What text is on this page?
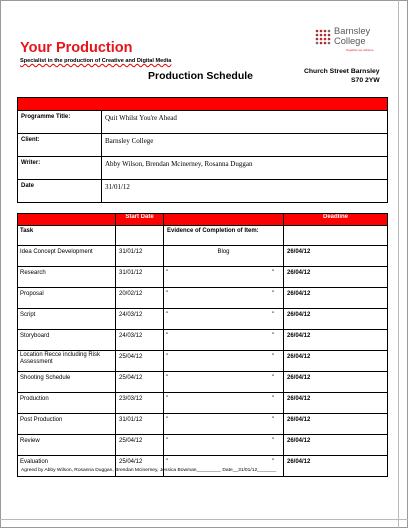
Your Production
Specialist in the production of Creative and Digital Media
Production Schedule
Barnsley
College
Together we achieve
Church Street Barnsley
S70 2YW

Programme Title:	Quit Whilst You're Ahead
Client:	Barnsley College
Writer:	Abby Wilson, Brendan Mcinerney, Rosanna Duggan
Date	31/01/12
	Start Date		Deadline
Task		Evidence of Completion of Item:	
Idea Concept Development	31/01/12	Blog	26/04/12
Research	31/01/12	" "	26/04/12
Proposal	20/02/12	" "	26/04/12
Script	24/03/12	" "	26/04/12
Storyboard	24/03/12	" "	26/04/12
Location Recce including Risk Assessment	25/04/12	" "	26/04/12
Shooting Schedule	25/04/12	" "	26/04/12
Production	23/03/12	" "	26/04/12
Post Production	31/01/12	" "	26/04/12
Review	25/04/12	" "	26/04/12
Evaluation	25/04/12	" "	26/04/12
Agreed by Abby Wilson, Rosanna Duggan, Brendan Mcinerney, Jessica Bowman_________ Date__31/01/12_______
